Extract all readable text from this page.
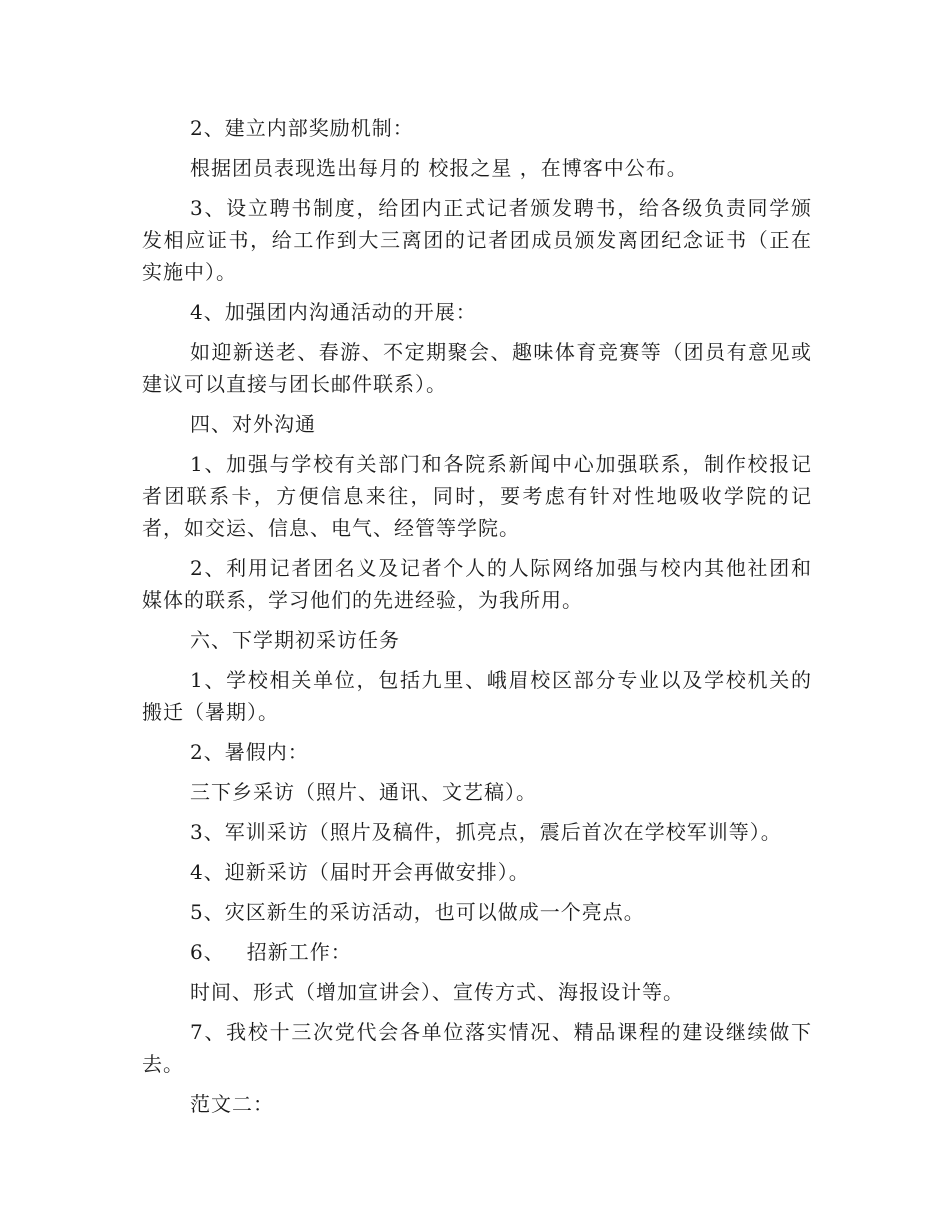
2、建立内部奖励机制：

根据团员表现选出每月的 校报之星 ，在博客中公布。

3、设立聘书制度，给团内正式记者颁发聘书，给各级负责同学颁发相应证书，给工作到大三离团的记者团成员颁发离团纪念证书（正在实施中）。

4、加强团内沟通活动的开展：

如迎新送老、春游、不定期聚会、趣味体育竞赛等（团员有意见或建议可以直接与团长邮件联系）。

四、对外沟通

1、加强与学校有关部门和各院系新闻中心加强联系，制作校报记者团联系卡，方便信息来往，同时，要考虑有针对性地吸收学院的记者，如交运、信息、电气、经管等学院。

2、利用记者团名义及记者个人的人际网络加强与校内其他社团和媒体的联系，学习他们的先进经验，为我所用。

六、下学期初采访任务

1、学校相关单位，包括九里、峨眉校区部分专业以及学校机关的搬迁（暑期）。

2、暑假内：

三下乡采访（照片、通讯、文艺稿）。

3、军训采访（照片及稿件，抓亮点，震后首次在学校军训等）。

4、迎新采访（届时开会再做安排）。

5、灾区新生的采访活动，也可以做成一个亮点。

6、   招新工作：

时间、形式（增加宣讲会）、宣传方式、海报设计等。

7、我校十三次党代会各单位落实情况、精品课程的建设继续做下去。

范文二：
